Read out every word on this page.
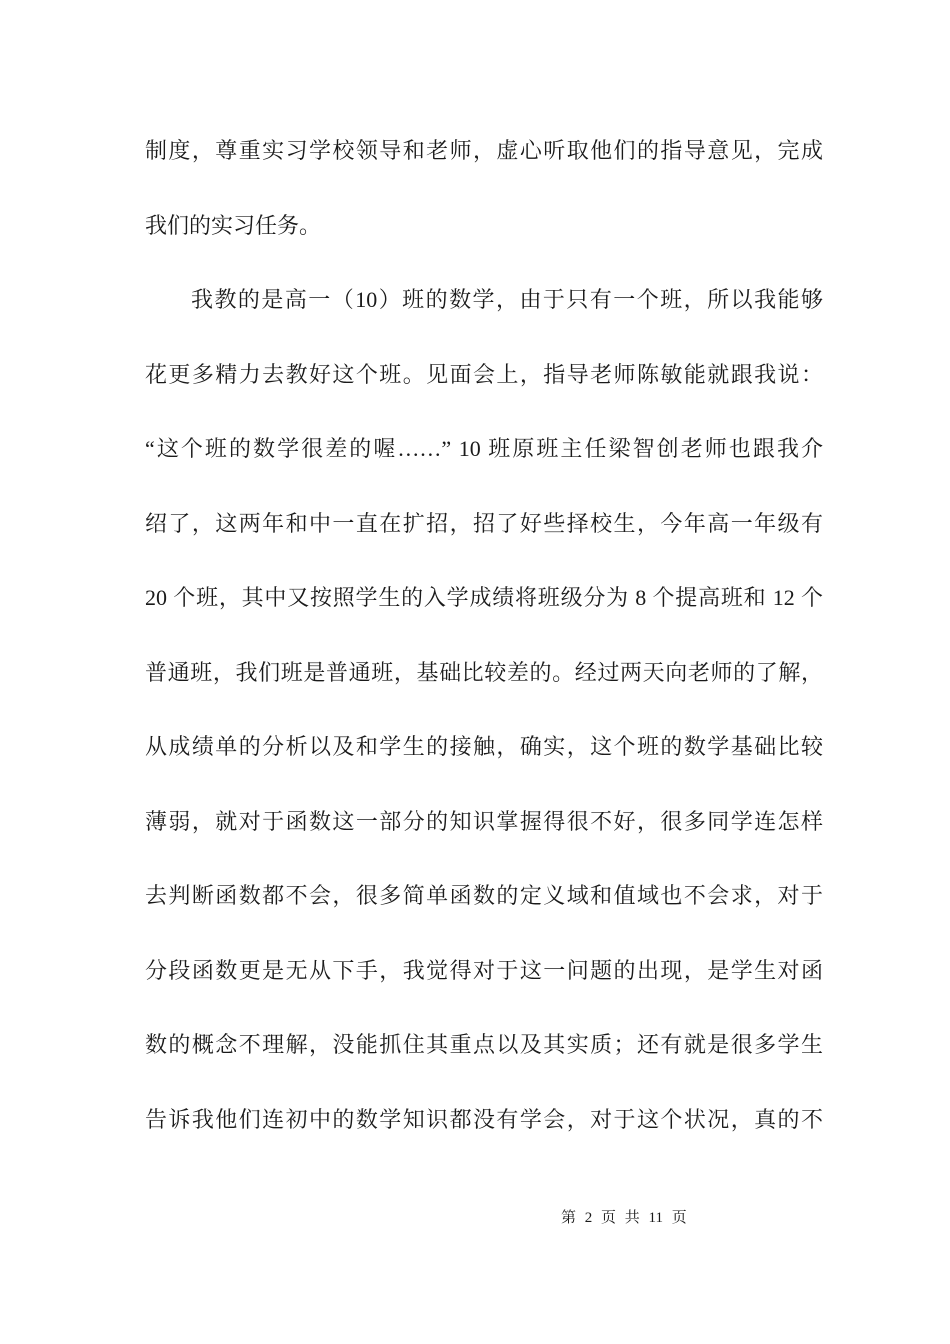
制度，尊重实习学校领导和老师，虚心听取他们的指导意见，完成
我们的实习任务。
我教的是高一（10）班的数学，由于只有一个班，所以我能够
花更多精力去教好这个班。见面会上，指导老师陈敏能就跟我说：
“这个班的数学很差的喔……” 10 班原班主任梁智创老师也跟我介
绍了，这两年和中一直在扩招，招了好些择校生，今年高一年级有
20 个班，其中又按照学生的入学成绩将班级分为 8 个提高班和 12 个
普通班，我们班是普通班，基础比较差的。经过两天向老师的了解，
从成绩单的分析以及和学生的接触，确实，这个班的数学基础比较
薄弱，就对于函数这一部分的知识掌握得很不好，很多同学连怎样
去判断函数都不会，很多简单函数的定义域和值域也不会求，对于
分段函数更是无从下手，我觉得对于这一问题的出现，是学生对函
数的概念不理解，没能抓住其重点以及其实质；还有就是很多学生
告诉我他们连初中的数学知识都没有学会，对于这个状况，真的不
第 2 页 共 11 页
